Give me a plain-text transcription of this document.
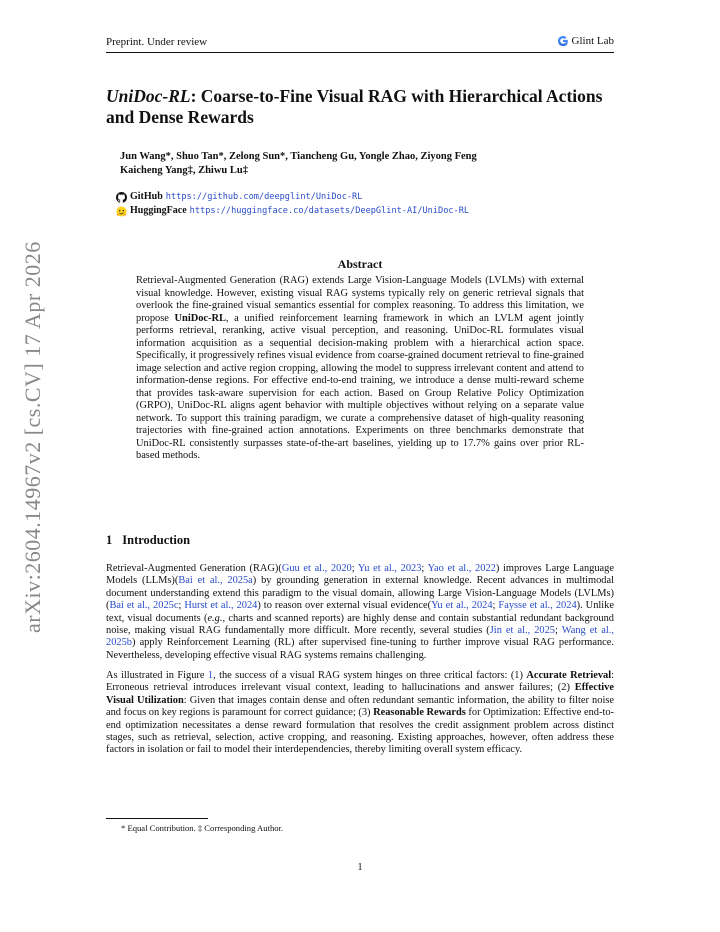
Preprint. Under review	Glint Lab
arXiv:2604.14967v2 [cs.CV] 17 Apr 2026
UniDoc-RL: Coarse-to-Fine Visual RAG with Hierarchical Actions and Dense Rewards
Jun Wang*, Shuo Tan*, Zelong Sun*, Tiancheng Gu, Yongle Zhao, Ziyong Feng
Kaicheng Yang‡, Zhiwu Lu‡
GitHub https://github.com/deepglint/UniDoc-RL
HuggingFace https://huggingface.co/datasets/DeepGlint-AI/UniDoc-RL
Abstract
Retrieval-Augmented Generation (RAG) extends Large Vision-Language Models (LVLMs) with external visual knowledge. However, existing visual RAG systems typically rely on generic retrieval signals that overlook the fine-grained visual semantics essential for complex reasoning. To address this limitation, we propose UniDoc-RL, a unified reinforcement learning framework in which an LVLM agent jointly performs retrieval, reranking, active visual perception, and reasoning. UniDoc-RL formulates visual information acquisition as a sequential decision-making problem with a hierarchical action space. Specifically, it progressively refines visual evidence from coarse-grained document retrieval to fine-grained image selection and active region cropping, allowing the model to suppress irrelevant content and attend to information-dense regions. For effective end-to-end training, we introduce a dense multi-reward scheme that provides task-aware supervision for each action. Based on Group Relative Policy Optimization (GRPO), UniDoc-RL aligns agent behavior with multiple objectives without relying on a separate value network. To support this training paradigm, we curate a comprehensive dataset of high-quality reasoning trajectories with fine-grained action annotations. Experiments on three benchmarks demonstrate that UniDoc-RL consistently surpasses state-of-the-art baselines, yielding up to 17.7% gains over prior RL-based methods.
1 Introduction
Retrieval-Augmented Generation (RAG)(Guu et al., 2020; Yu et al., 2023; Yao et al., 2022) improves Large Language Models (LLMs)(Bai et al., 2025a) by grounding generation in external knowledge. Recent advances in multimodal document understanding extend this paradigm to the visual domain, allowing Large Vision-Language Models (LVLMs)(Bai et al., 2025c; Hurst et al., 2024) to reason over external visual evidence(Yu et al., 2024; Faysse et al., 2024). Unlike text, visual documents (e.g., charts and scanned reports) are highly dense and contain substantial redundant background noise, making visual RAG fundamentally more difficult. More recently, several studies (Jin et al., 2025; Wang et al., 2025b) apply Reinforcement Learning (RL) after supervised fine-tuning to further improve visual RAG performance. Nevertheless, developing effective visual RAG systems remains challenging.
As illustrated in Figure 1, the success of a visual RAG system hinges on three critical factors: (1) Accurate Retrieval: Erroneous retrieval introduces irrelevant visual context, leading to hallucinations and answer failures; (2) Effective Visual Utilization: Given that images contain dense and often redundant semantic information, the ability to filter noise and focus on key regions is paramount for correct guidance; (3) Reasonable Rewards for Optimization: Effective end-to-end optimization necessitates a dense reward formulation that resolves the credit assignment problem across distinct stages, such as retrieval, selection, active cropping, and reasoning. Existing approaches, however, often address these factors in isolation or fail to model their interdependencies, thereby limiting overall system efficacy.
* Equal Contribution. ‡ Corresponding Author.
1
